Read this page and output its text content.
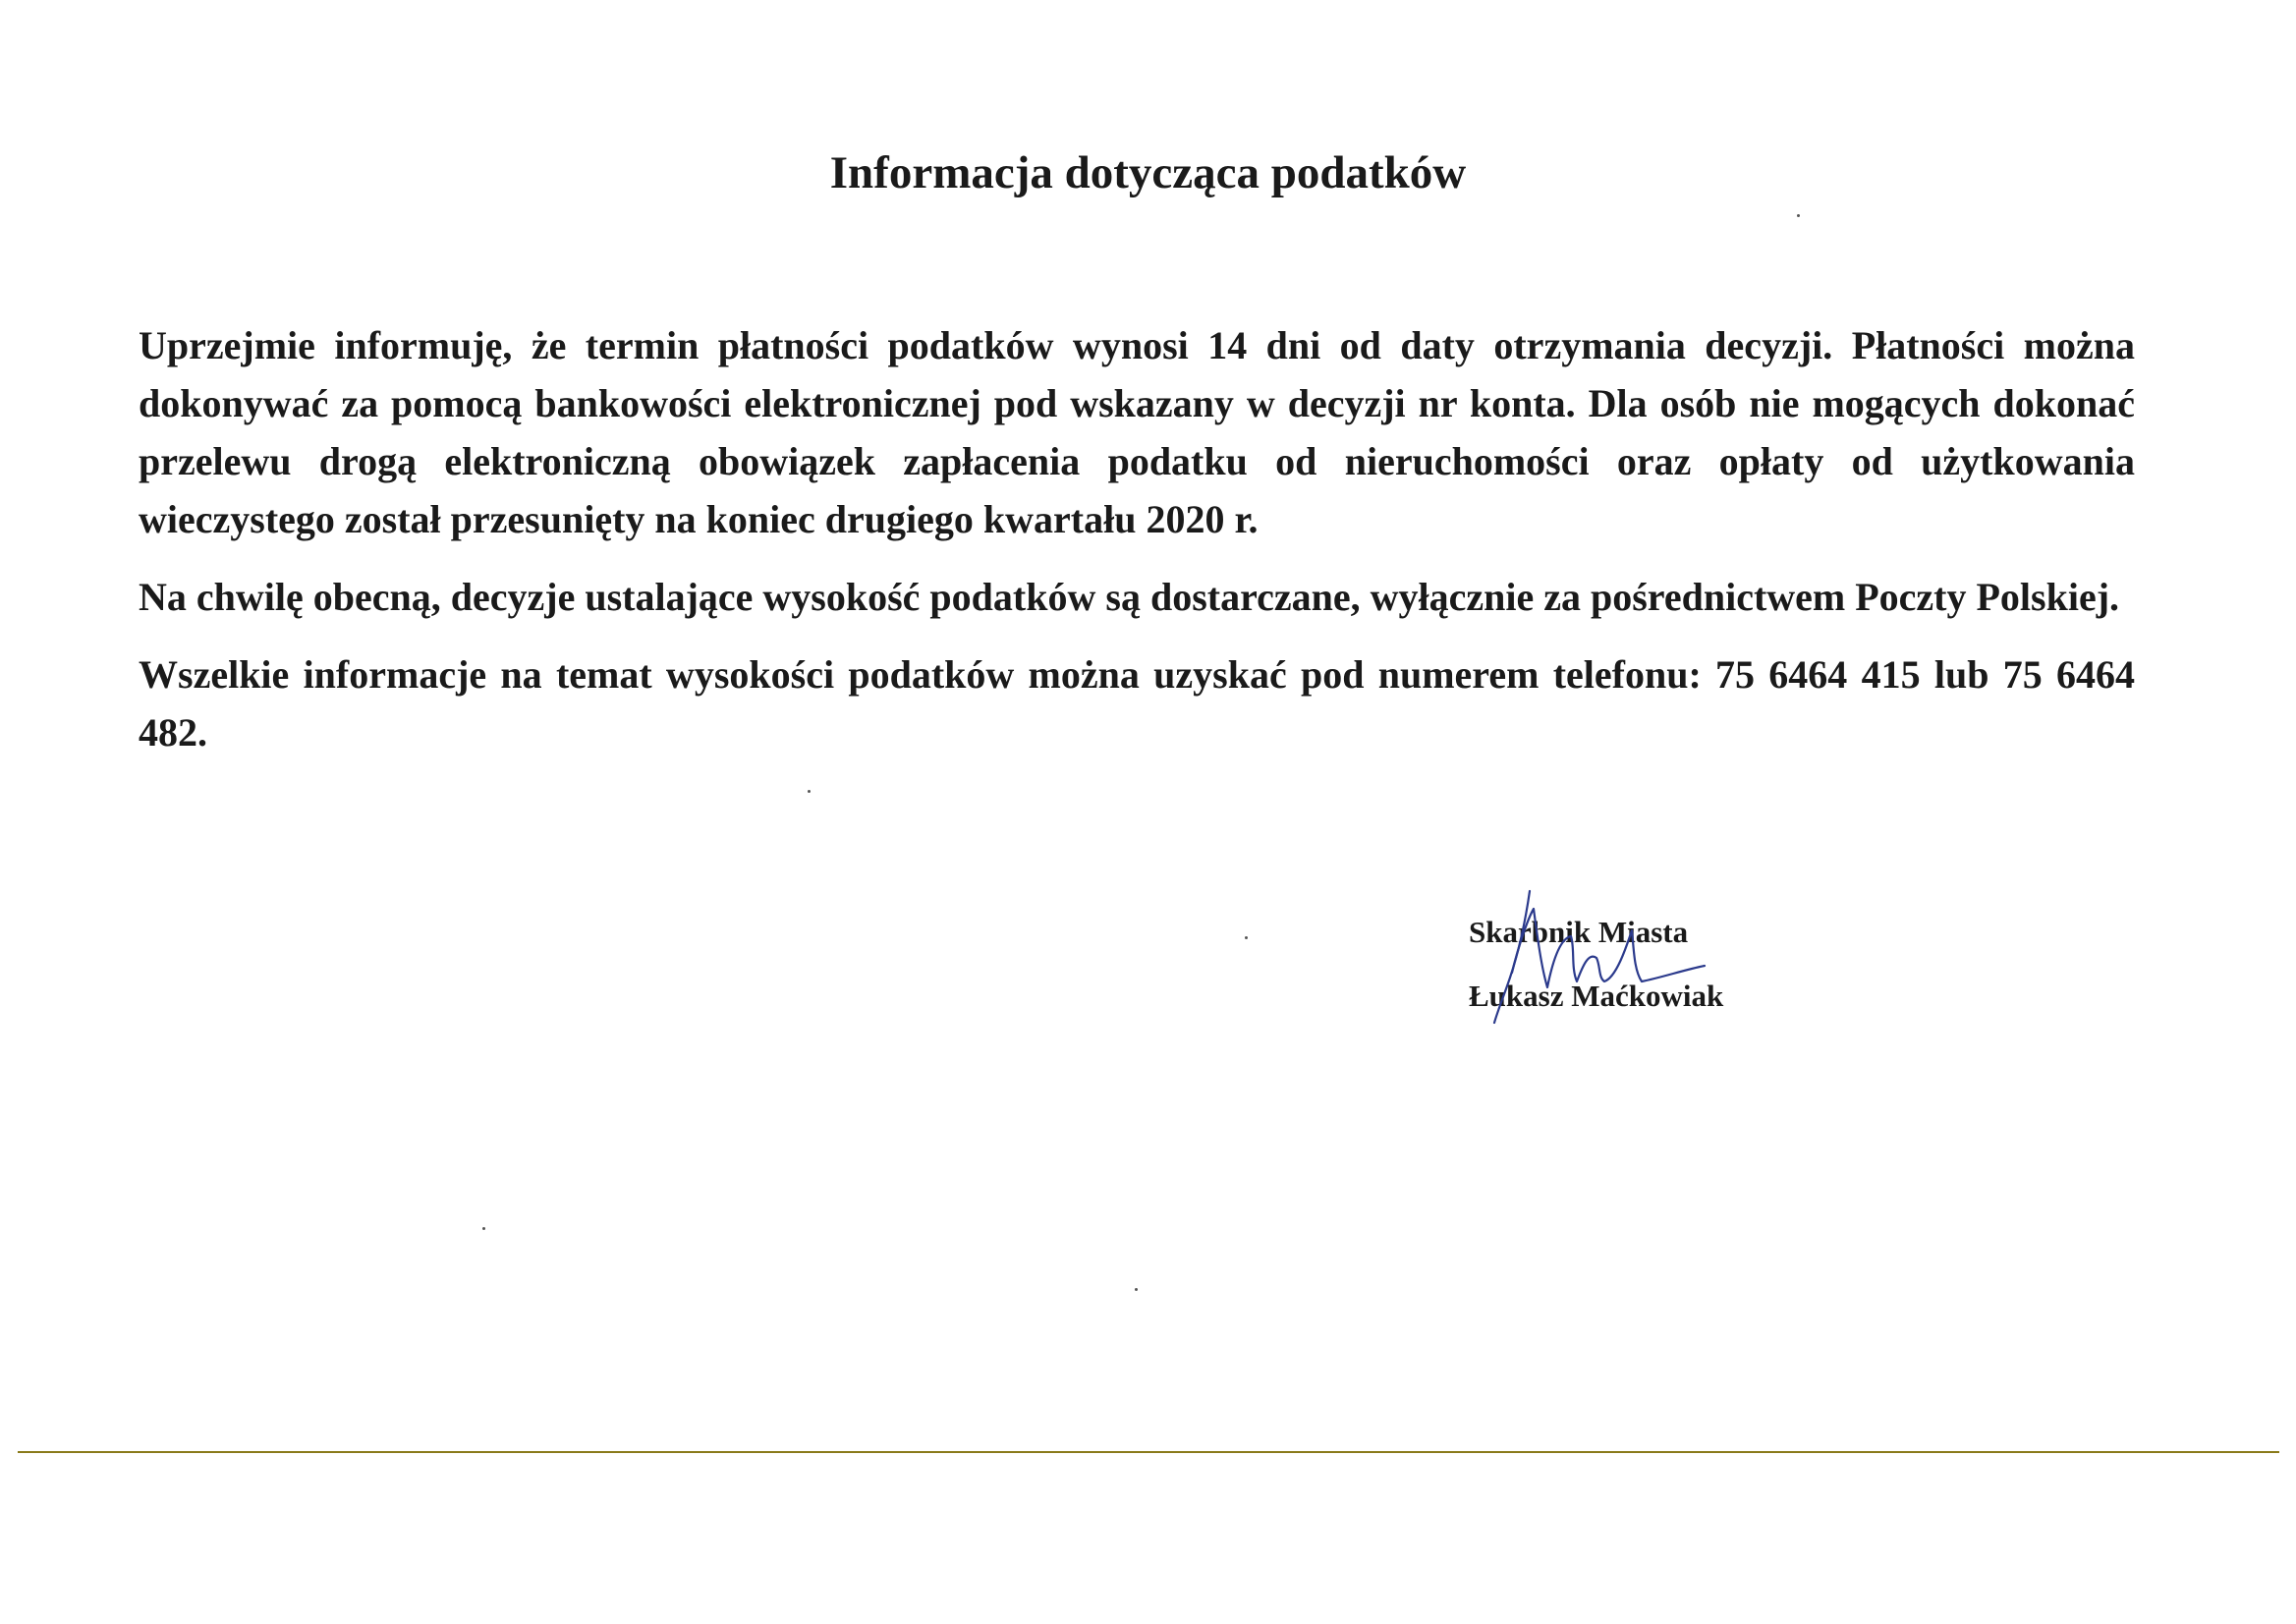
Informacja dotycząca podatków

Uprzejmie informuję, że termin płatności podatków wynosi 14 dni od daty otrzymania decyzji. Płatności można dokonywać za pomocą bankowości elektronicznej pod wskazany w decyzji nr konta. Dla osób nie mogących dokonać przelewu drogą elektroniczną obowiązek zapłacenia podatku od nieruchomości oraz opłaty od użytkowania wieczystego został przesunięty na koniec drugiego kwartału 2020 r.

Na chwilę obecną, decyzje ustalające wysokość podatków są dostarczane, wyłącznie za pośrednictwem Poczty Polskiej.

Wszelkie informacje na temat wysokości podatków można uzyskać pod numerem telefonu: 75 6464 415 lub 75 6464 482.

Skarbnik Miasta
Łukasz Maćkowiak
